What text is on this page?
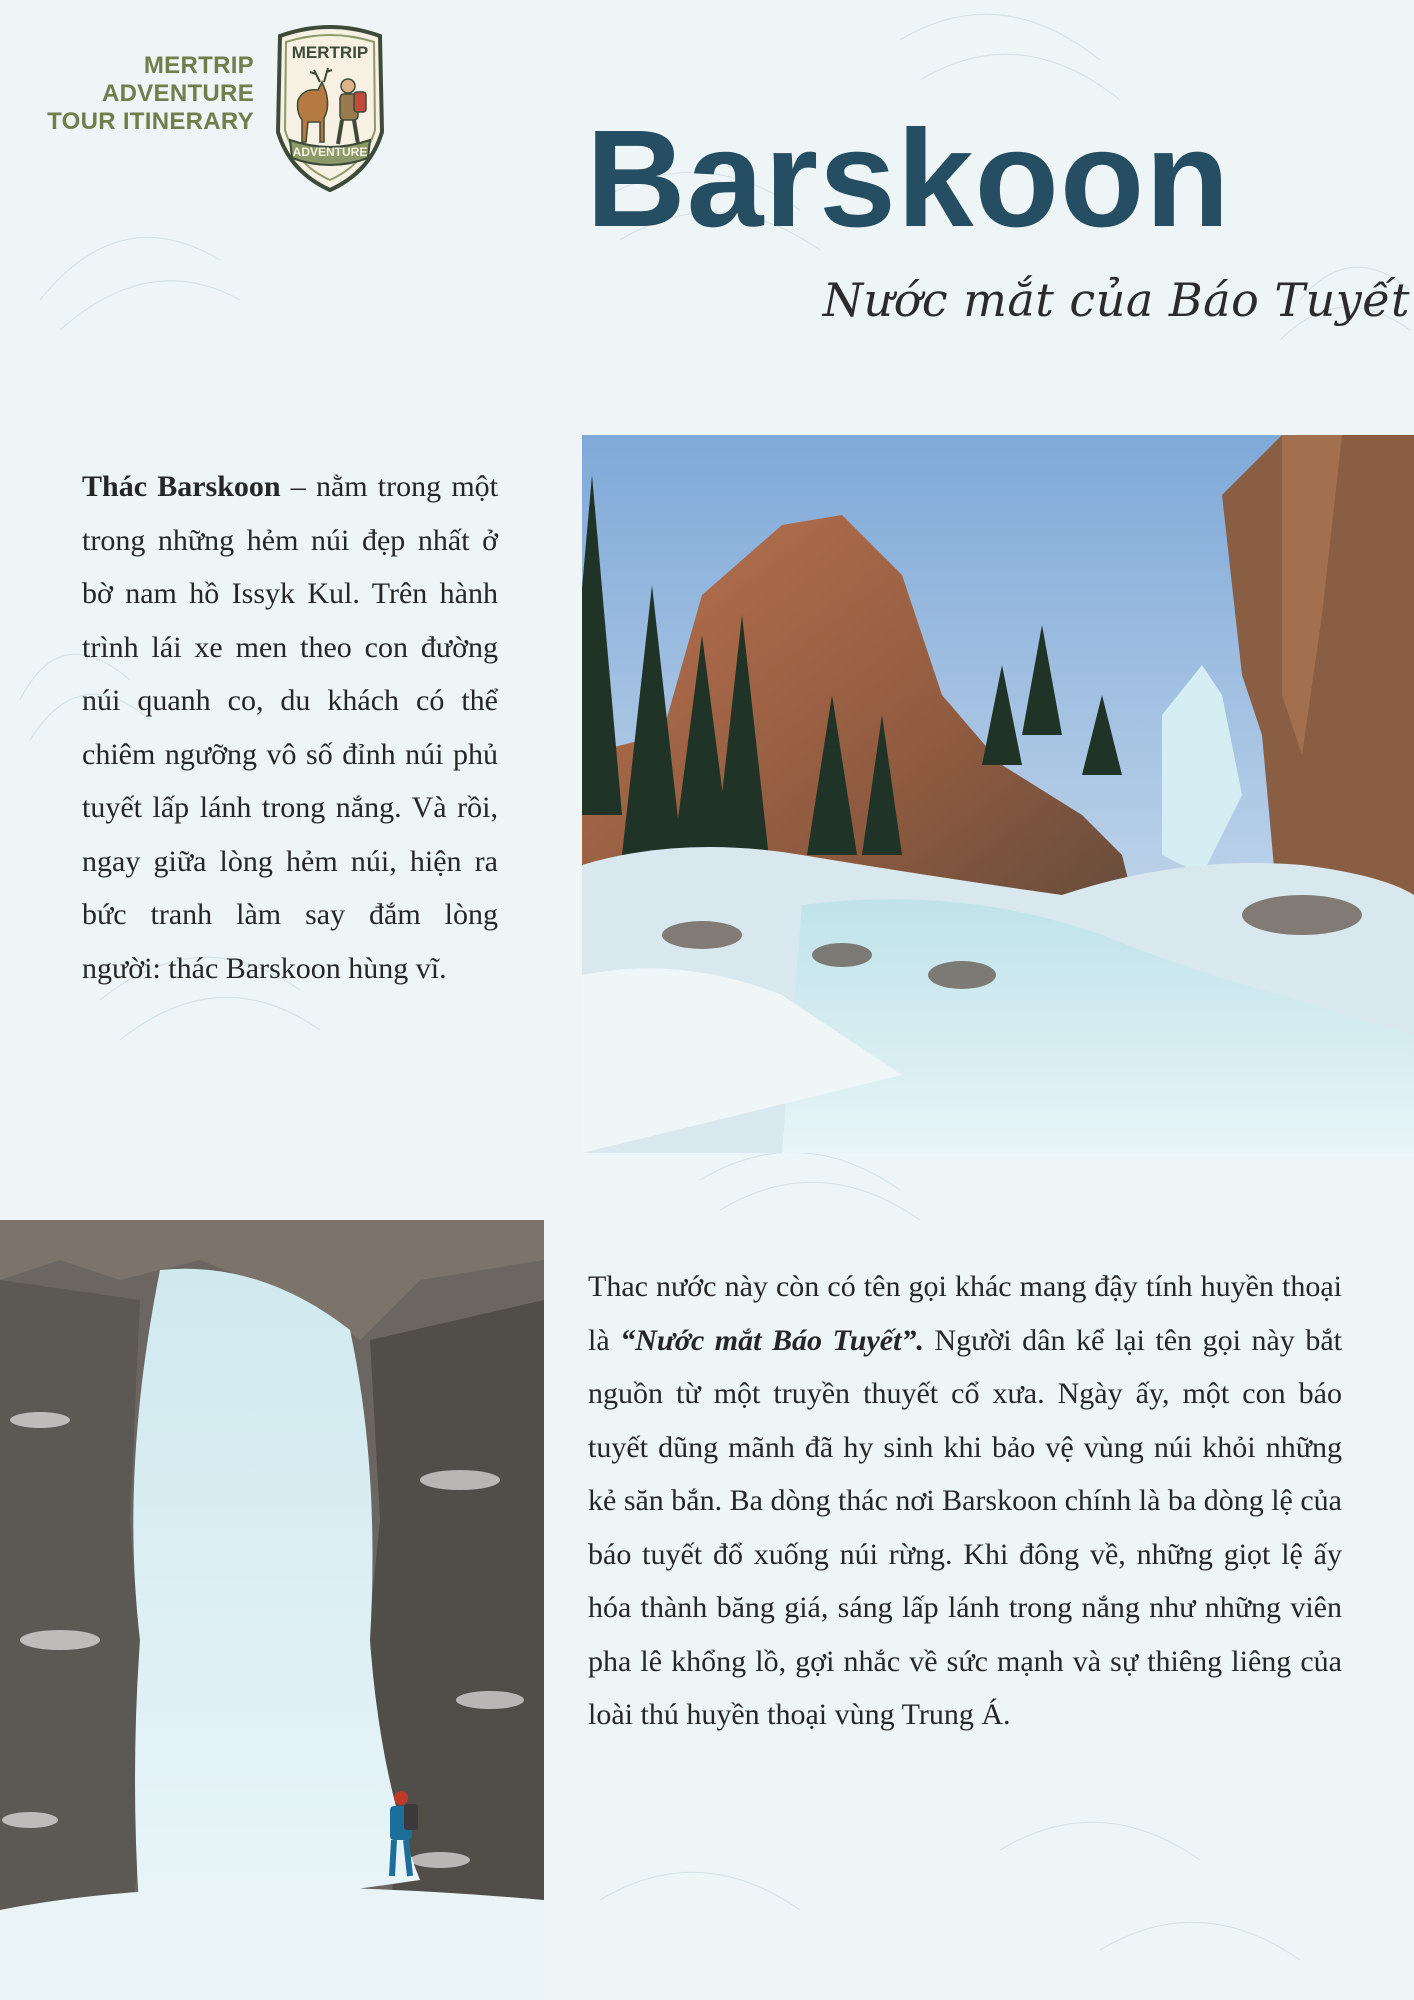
MERTRIP
ADVENTURE
TOUR ITINERARY
MERTRIP
ADVENTURE Barskoon
Nước mắt của Báo Tuyết
Thác Barskoon – nằm trong một trong những hẻm núi đẹp nhất ở bờ nam hồ Issyk Kul. Trên hành trình lái xe men theo con đường núi quanh co, du khách có thể chiêm ngưỡng vô số đỉnh núi phủ tuyết lấp lánh trong nắng. Và rồi, ngay giữa lòng hẻm núi, hiện ra bức tranh làm say đắm lòng người: thác Barskoon hùng vĩ.
Thac nước này còn có tên gọi khác mang đậy tính huyền thoại là “Nước mắt Báo Tuyết”. Người dân kể lại tên gọi này bắt nguồn từ một truyền thuyết cổ xưa. Ngày ấy, một con báo tuyết dũng mãnh đã hy sinh khi bảo vệ vùng núi khỏi những kẻ săn bắn. Ba dòng thác nơi Barskoon chính là ba dòng lệ của báo tuyết đổ xuống núi rừng. Khi đông về, những giọt lệ ấy hóa thành băng giá, sáng lấp lánh trong nắng như những viên pha lê khổng lồ, gợi nhắc về sức mạnh và sự thiêng liêng của loài thú huyền thoại vùng Trung Á.
